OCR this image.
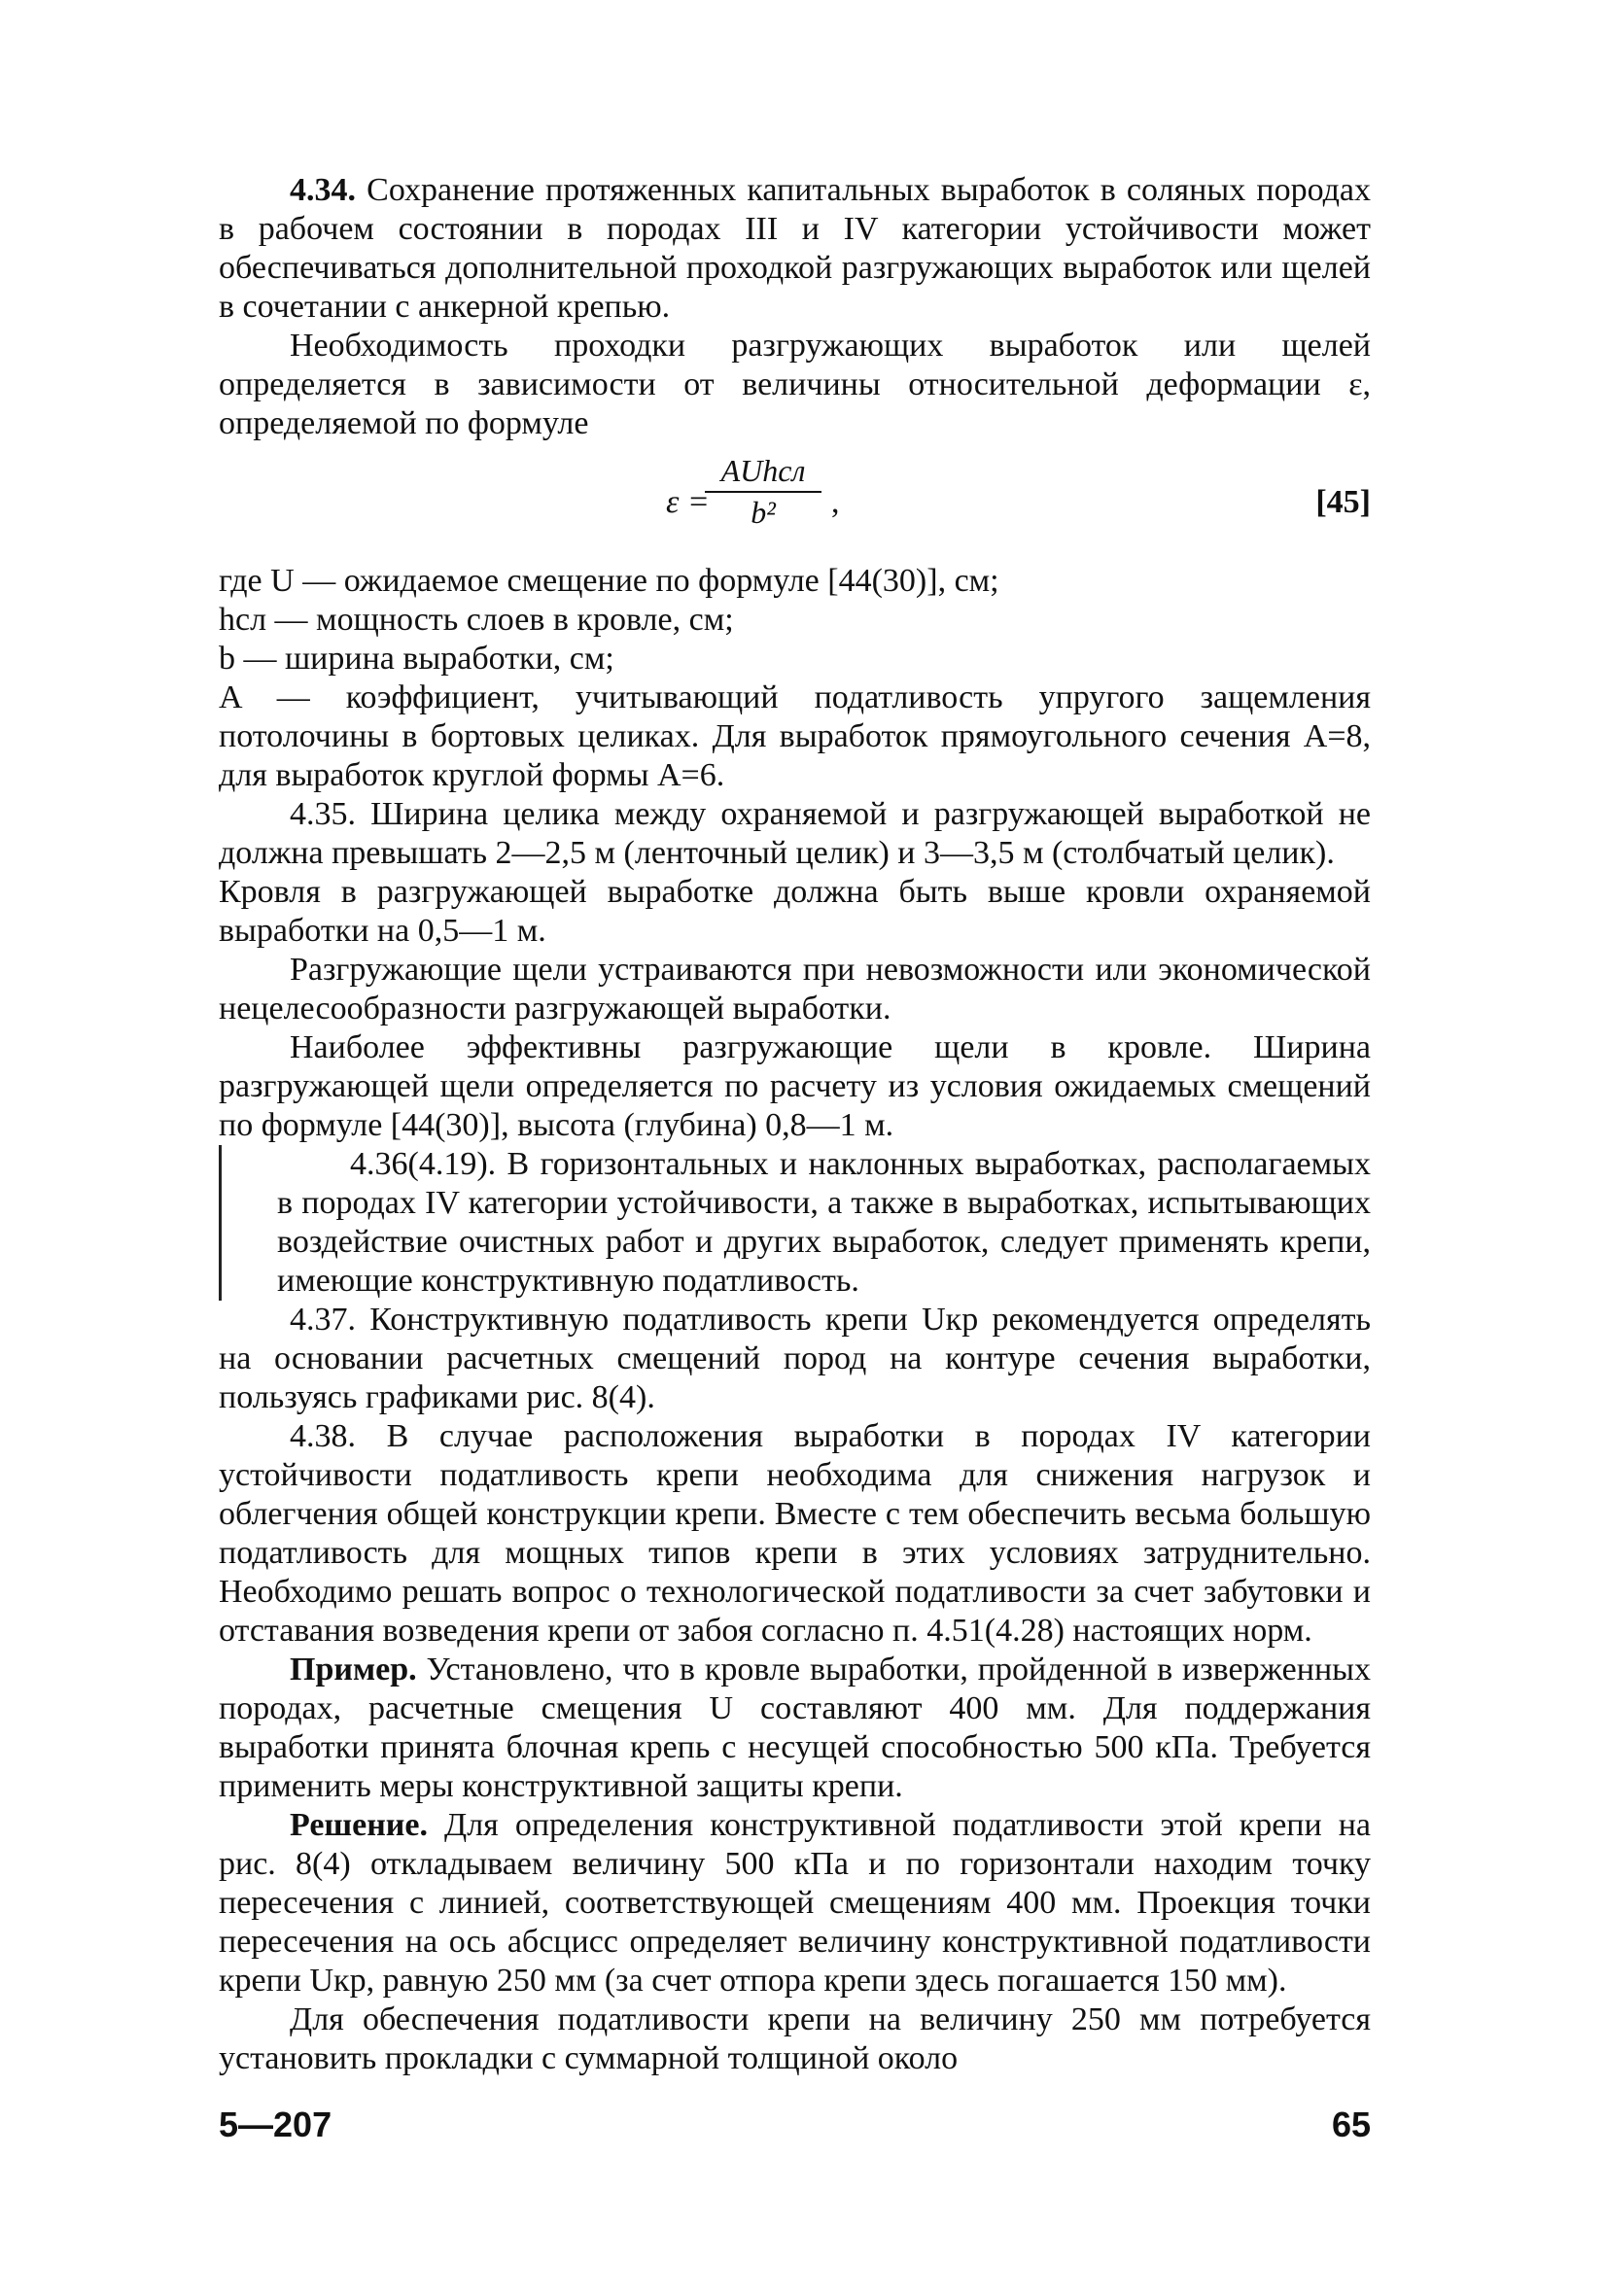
4.34. Сохранение протяженных капитальных выработок в соляных породах в рабочем состоянии в породах III и IV категории устойчивости может обеспечиваться дополнительной проходкой разгружающих выработок или щелей в сочетании с анкерной крепью.

Необходимость проходки разгружающих выработок или щелей определяется в зависимости от величины относительной деформации ε, определяемой по формуле

ε =
AUhсл
b²	,	[45]

где U — ожидаемое смещение по формуле [44(30)], см;

hсл — мощность слоев в кровле, см;

b — ширина выработки, см;

A — коэффициент, учитывающий податливость упругого защемления потолочины в бортовых целиках. Для выработок прямоугольного сечения A=8, для выработок круглой формы A=6.

4.35. Ширина целика между охраняемой и разгружающей выработкой не должна превышать 2—2,5 м (ленточный целик) и 3—3,5 м (столбчатый целик).

Кровля в разгружающей выработке должна быть выше кровли охраняемой выработки на 0,5—1 м.

Разгружающие щели устраиваются при невозможности или экономической нецелесообразности разгружающей выработки.

Наиболее эффективны разгружающие щели в кровле. Ширина разгружающей щели определяется по расчету из условия ожидаемых смещений по формуле [44(30)], высота (глубина) 0,8—1 м.

4.36(4.19). В горизонтальных и наклонных выработках, располагаемых в породах IV категории устойчивости, а также в выработках, испытывающих воздействие очистных работ и других выработок, следует применять крепи, имеющие конструктивную податливость.

4.37. Конструктивную податливость крепи Uкр рекомендуется определять на основании расчетных смещений пород на контуре сечения выработки, пользуясь графиками рис. 8(4).

4.38. В случае расположения выработки в породах IV категории устойчивости податливость крепи необходима для снижения нагрузок и облегчения общей конструкции крепи. Вместе с тем обеспечить весьма большую податливость для мощных типов крепи в этих условиях затруднительно. Необходимо решать вопрос о технологической податливости за счет забутовки и отставания возведения крепи от забоя согласно п. 4.51(4.28) настоящих норм.

Пример. Установлено, что в кровле выработки, пройденной в изверженных породах, расчетные смещения U составляют 400 мм. Для поддержания выработки принята блочная крепь с несущей способностью 500 кПа. Требуется применить меры конструктивной защиты крепи.

Решение. Для определения конструктивной податливости этой крепи на рис. 8(4) откладываем величину 500 кПа и по горизонтали находим точку пересечения с линией, соответствующей смещениям 400 мм. Проекция точки пересечения на ось абсцисс определяет величину конструктивной податливости крепи Uкр, равную 250 мм (за счет отпора крепи здесь погашается 150 мм).

Для обеспечения податливости крепи на величину 250 мм потребуется установить прокладки с суммарной толщиной около

5—207	65
